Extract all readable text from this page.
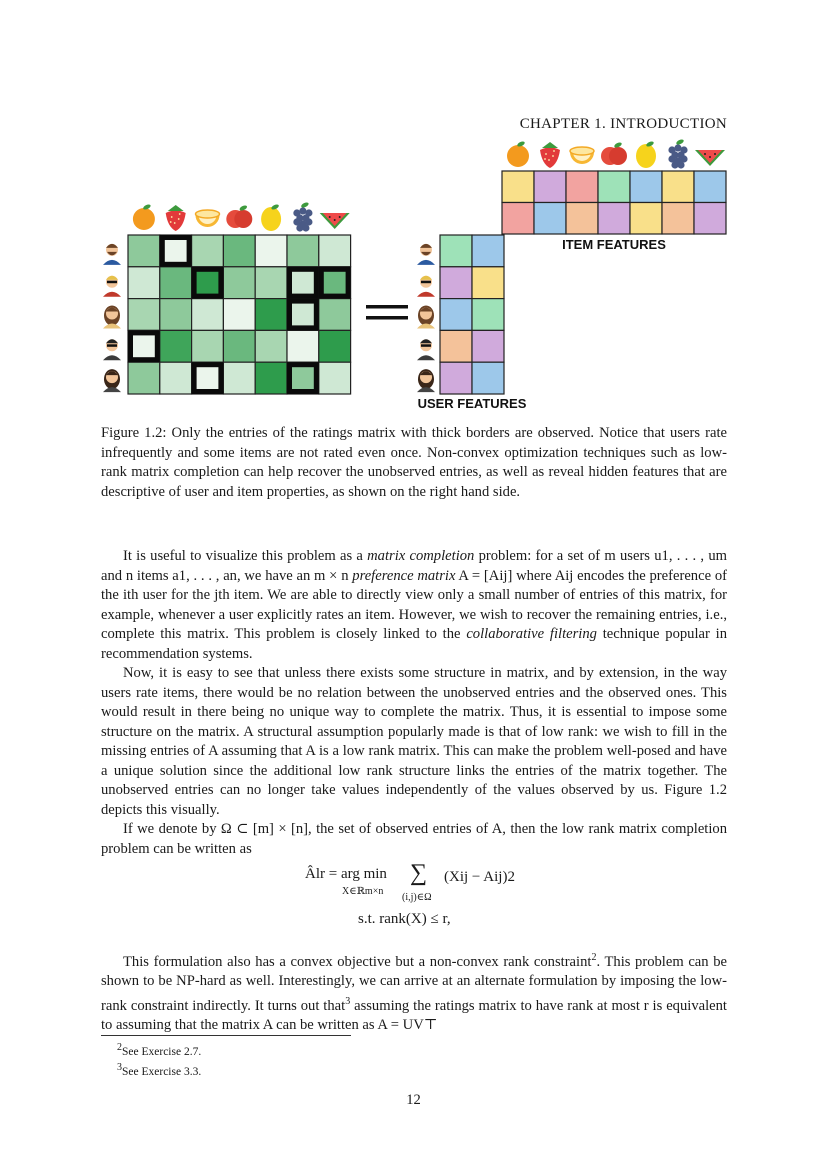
CHAPTER 1. INTRODUCTION
ITEM FEATURES
USER FEATURES
Figure 1.2: Only the entries of the ratings matrix with thick borders are observed. Notice that users rate infrequently and some items are not rated even once. Non-convex optimization techniques such as low-rank matrix completion can help recover the unobserved entries, as well as reveal hidden features that are descriptive of user and item properties, as shown on the right hand side.

It is useful to visualize this problem as a matrix completion problem: for a set of m users u1, . . . , um and n items a1, . . . , an, we have an m × n preference matrix A = [Aij] where Aij encodes the preference of the ith user for the jth item. We are able to directly view only a small number of entries of this matrix, for example, whenever a user explicitly rates an item. However, we wish to recover the remaining entries, i.e., complete this matrix. This problem is closely linked to the collaborative filtering technique popular in recommendation systems.

Now, it is easy to see that unless there exists some structure in matrix, and by extension, in the way users rate items, there would be no relation between the unobserved entries and the observed ones. This would result in there being no unique way to complete the matrix. Thus, it is essential to impose some structure on the matrix. A structural assumption popularly made is that of low rank: we wish to fill in the missing entries of A assuming that A is a low rank matrix. This can make the problem well-posed and have a unique solution since the additional low rank structure links the entries of the matrix together. The unobserved entries can no longer take values independently of the values observed by us. Figure 1.2 depicts this visually.

If we denote by Ω ⊂ [m] × [n], the set of observed entries of A, then the low rank matrix completion problem can be written as

Âlr = arg min
X∈ℝm×n
∑
(i,j)∈Ω
(Xij − Aij)2
s.t. rank(X) ≤ r,

This formulation also has a convex objective but a non-convex rank constraint$^2$. This problem can be shown to be NP-hard as well. Interestingly, we can arrive at an alternate formulation by imposing the low-rank constraint indirectly. It turns out that$^3$ assuming the ratings matrix to have rank at most r is equivalent to assuming that the matrix A can be written as A = UV⊤

$^2$See Exercise 2.7.
$^3$See Exercise 3.3.
12
